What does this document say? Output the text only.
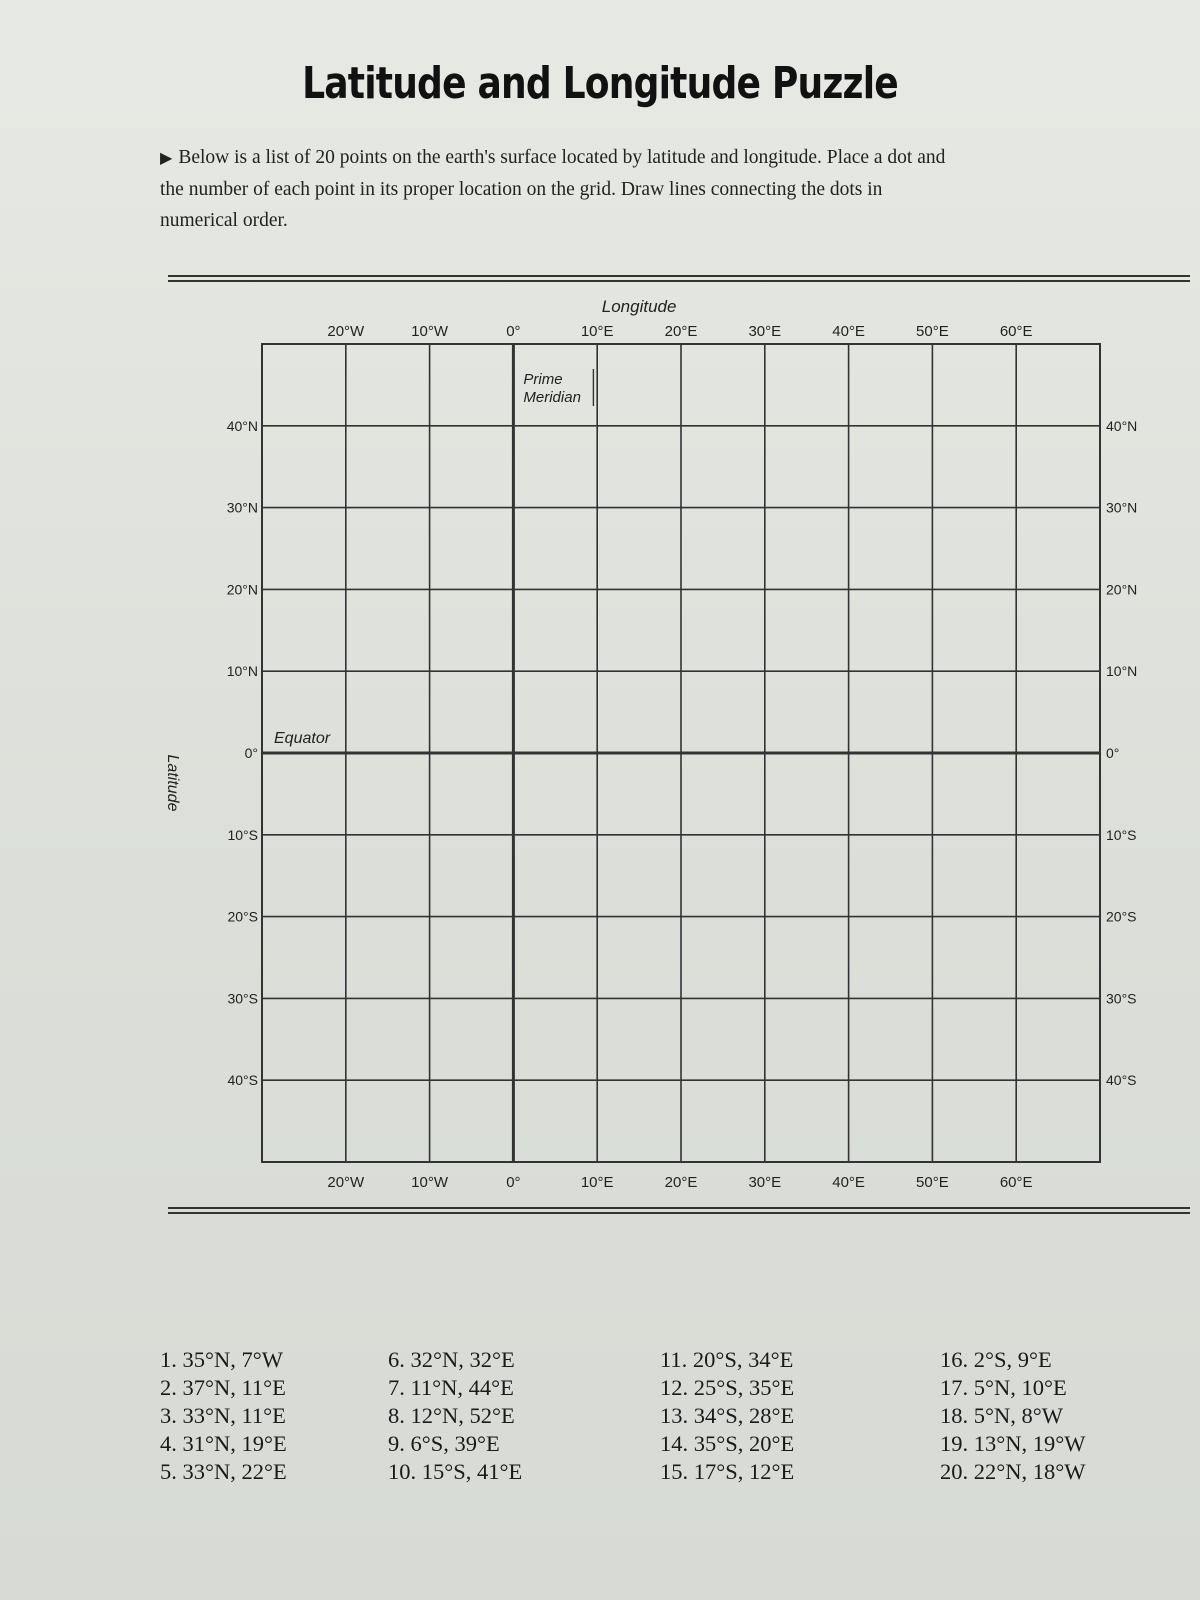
Latitude and Longitude Puzzle
▶ Below is a list of 20 points on the earth's surface located by latitude and longitude. Place a dot and the number of each point in its proper location on the grid. Draw lines connecting the dots in numerical order.
20°W
20°W
10°W
10°W
0°
0°
10°E
10°E
20°E
20°E
30°E
30°E
40°E
40°E
50°E
50°E
60°E
60°E
40°N	40°N
30°N	30°N
20°N	20°N
10°N	10°N
0°	0°
10°S	10°S
20°S	20°S
30°S	30°S
40°S	40°S
Longitude
Latitude
Prime
Meridian
Equator
1. 35°N, 7°W
2. 37°N, 11°E
3. 33°N, 11°E
4. 31°N, 19°E
5. 33°N, 22°E
6. 32°N, 32°E
7. 11°N, 44°E
8. 12°N, 52°E
9. 6°S, 39°E
10. 15°S, 41°E
11. 20°S, 34°E
12. 25°S, 35°E
13. 34°S, 28°E
14. 35°S, 20°E
15. 17°S, 12°E
16. 2°S, 9°E
17. 5°N, 10°E
18. 5°N, 8°W
19. 13°N, 19°W
20. 22°N, 18°W
